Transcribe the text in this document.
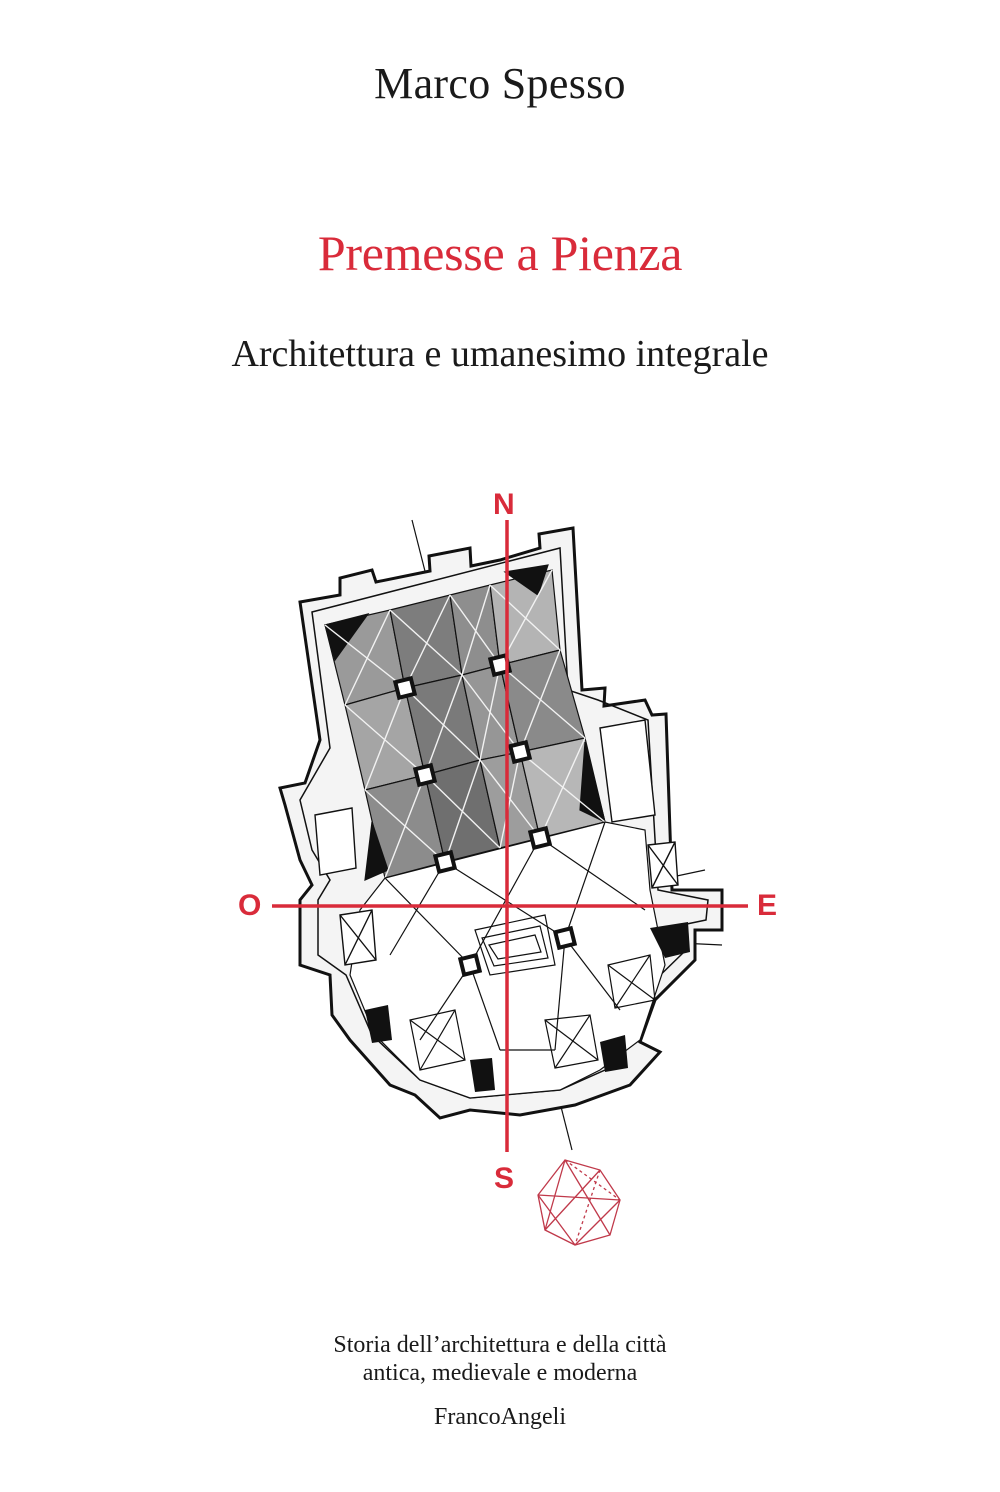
Marco Spesso
Premesse a Pienza
Architettura e umanesimo integrale
N
S
O	E
Storia dell’architettura e della città
antica, medievale e moderna
FrancoAngeli
